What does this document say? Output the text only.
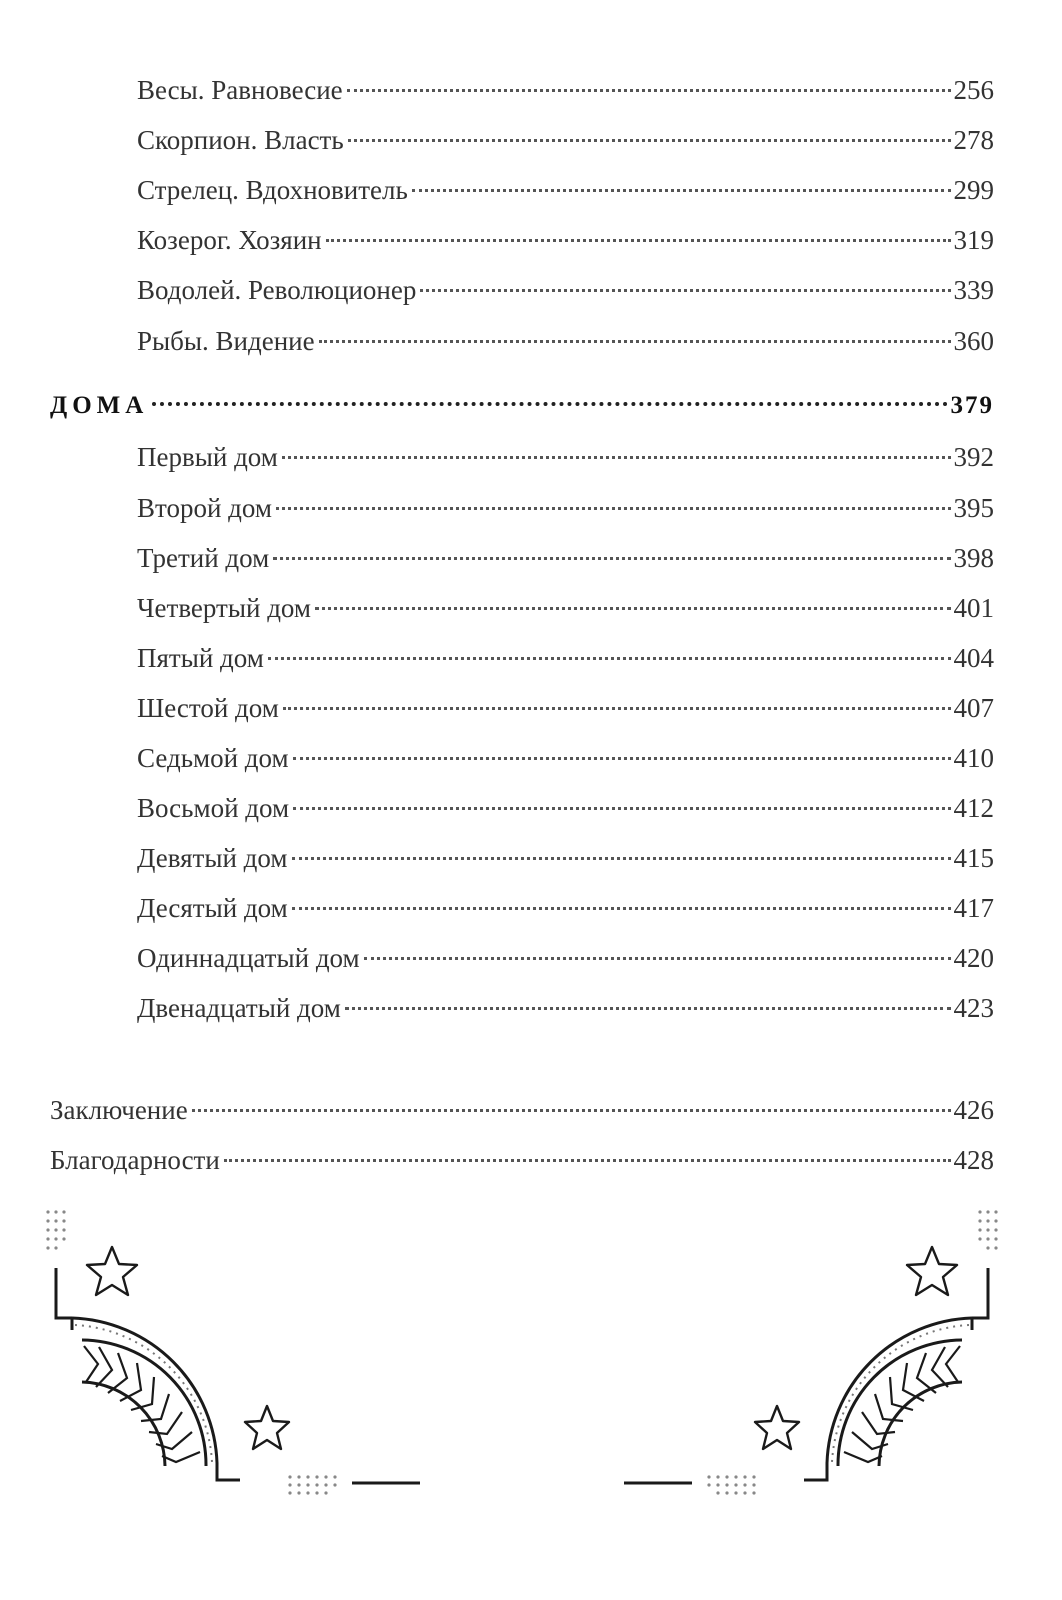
Весы. Равновесие	256
Скорпион. Власть	278
Стрелец. Вдохновитель	299
Козерог. Хозяин	319
Водолей. Революционер	339
Рыбы. Видение	360
ДОМА	379
Первый дом	392
Второй дом	395
Третий дом	398
Четвертый дом	401
Пятый дом	404
Шестой дом	407
Седьмой дом	410
Восьмой дом	412
Девятый дом	415
Десятый дом	417
Одиннадцатый дом	420
Двенадцатый дом	423
Заключение	426
Благодарности	428
